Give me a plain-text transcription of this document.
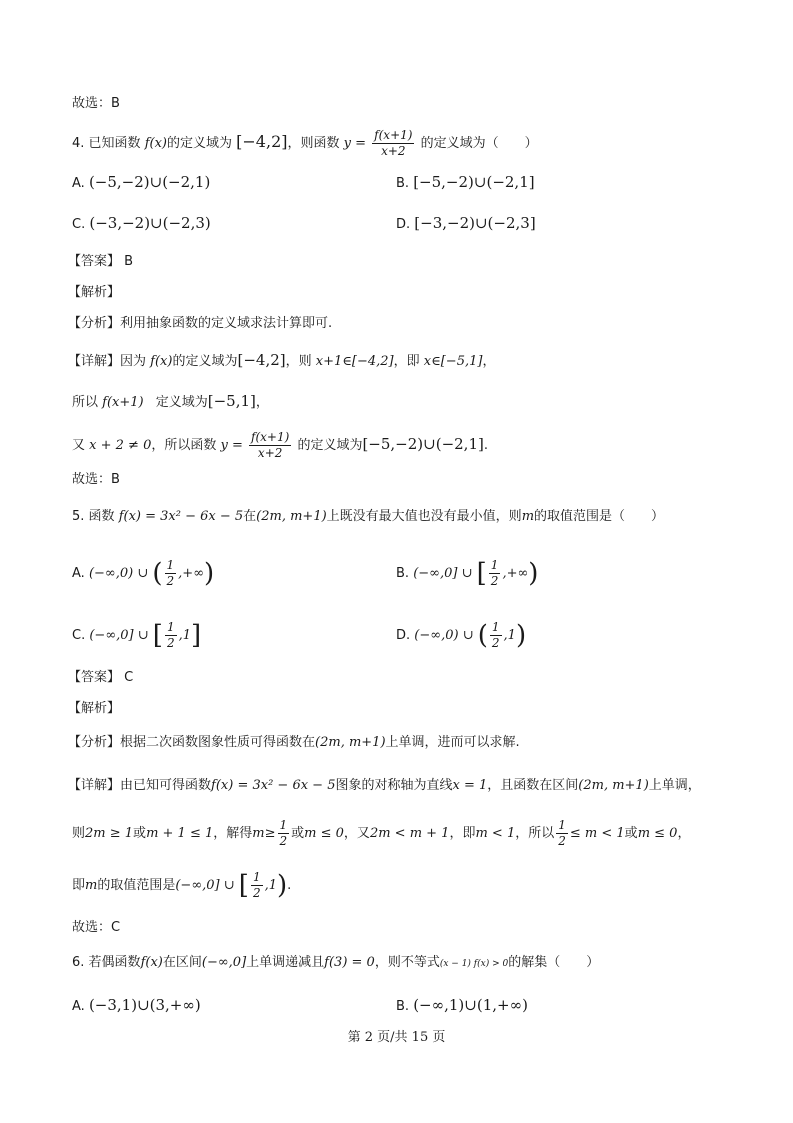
故选：B
4. 已知函数 f(x)的定义域为 [−4,2]，则函数 $y = \frac{f(x+1)}{x+2}$ 的定义域为（　　）
A. (−5,−2)∪(−2,1)	B. [−5,−2)∪(−2,1]
C. (−3,−2)∪(−2,3)	D. [−3,−2)∪(−2,3]
【答案】 B
【解析】
【分析】利用抽象函数的定义域求法计算即可.
【详解】因为 f(x)的定义域为[−4,2]，则 x+1∈[−4,2]，即 x∈[−5,1]，
所以 f(x+1) 定义域为[−5,1]，
又 x + 2 ≠ 0，所以函数 $y = \frac{f(x+1)}{x+2}$ 的定义域为[−5,−2)∪(−2,1].
故选：B
5. 函数 f(x) = 3x² − 6x − 5在(2m, m+1)上既没有最大值也没有最小值，则m的取值范围是（　　）
A. (−∞,0) ∪ ( $\frac{1}{2}$ ,+∞)	B. (−∞,0] ∪ [ $\frac{1}{2}$ ,+∞)
C. (−∞,0] ∪ [ $\frac{1}{2} ,1$]	D. (−∞,0) ∪ ( $\frac{1}{2} ,1$)
【答案】 C
【解析】
【分析】根据二次函数图象性质可得函数在(2m, m+1)上单调，进而可以求解.
【详解】由已知可得函数f(x) = 3x² − 6x − 5图象的对称轴为直线x = 1，且函数在区间(2m, m+1)上单调，
则2m ≥ 1或m + 1 ≤ 1，解得$m\ge \frac{1}{2}$ 或m ≤ 0，又2m < m + 1，即m < 1，所以 $\frac{1}{2} \le m < 1$或m ≤ 0，
即m的取值范围是(−∞,0] ∪ [ $\frac{1}{2} ,1$).
故选：C
6. 若偶函数f(x)在区间(−∞,0]上单调递减且f(3) = 0，则不等式(x − 1) f(x) > 0的解集（　　）
A. (−3,1)∪(3,+∞)	B. (−∞,1)∪(1,+∞)
第 2 页/共 15 页
